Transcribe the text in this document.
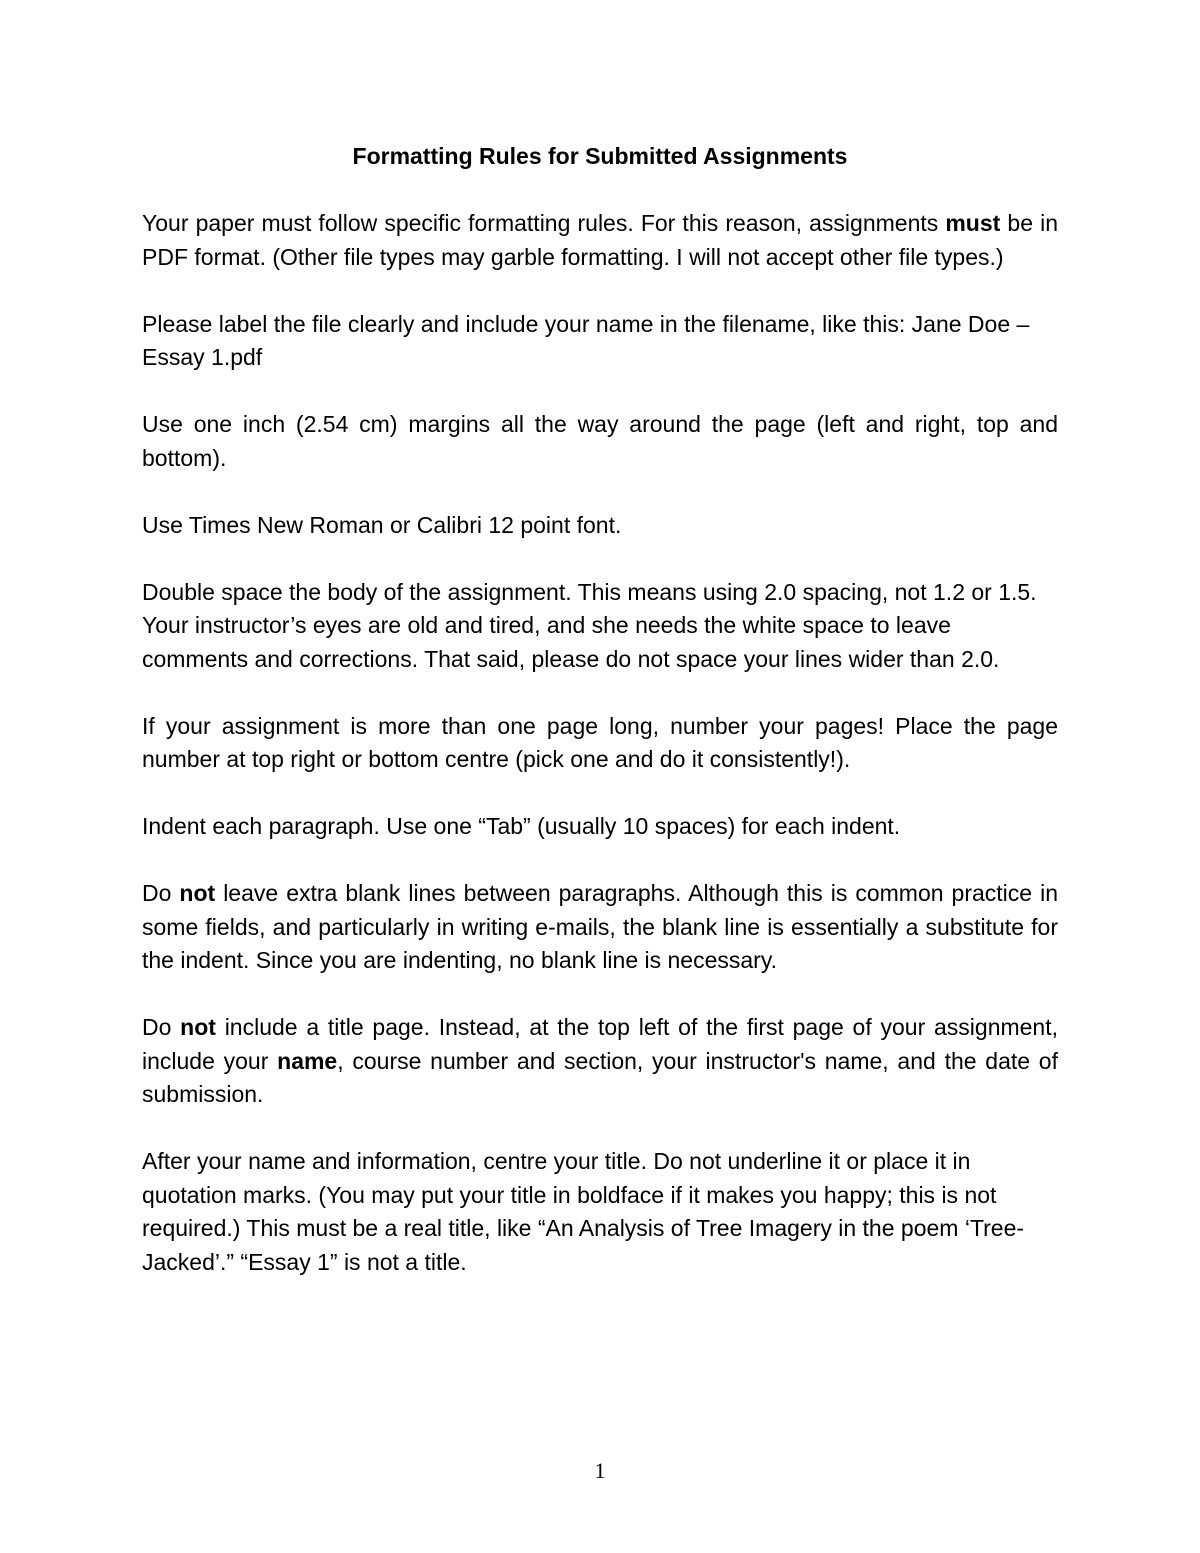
Formatting Rules for Submitted Assignments

Your paper must follow specific formatting rules. For this reason, assignments must be in PDF format. (Other file types may garble formatting. I will not accept other file types.)

Please label the file clearly and include your name in the filename, like this: Jane Doe – Essay 1.pdf

Use one inch (2.54 cm) margins all the way around the page (left and right, top and bottom).

Use Times New Roman or Calibri 12 point font.

Double space the body of the assignment. This means using 2.0 spacing, not 1.2 or 1.5. Your instructor’s eyes are old and tired, and she needs the white space to leave comments and corrections. That said, please do not space your lines wider than 2.0.

If your assignment is more than one page long, number your pages! Place the page number at top right or bottom centre (pick one and do it consistently!).

Indent each paragraph. Use one “Tab” (usually 10 spaces) for each indent.

Do not leave extra blank lines between paragraphs. Although this is common practice in some fields, and particularly in writing e-mails, the blank line is essentially a substitute for the indent. Since you are indenting, no blank line is necessary.

Do not include a title page. Instead, at the top left of the first page of your assignment, include your name, course number and section, your instructor's name, and the date of submission.

After your name and information, centre your title. Do not underline it or place it in quotation marks. (You may put your title in boldface if it makes you happy; this is not required.) This must be a real title, like “An Analysis of Tree Imagery in the poem ‘Tree-Jacked’.” “Essay 1” is not a title.

1
